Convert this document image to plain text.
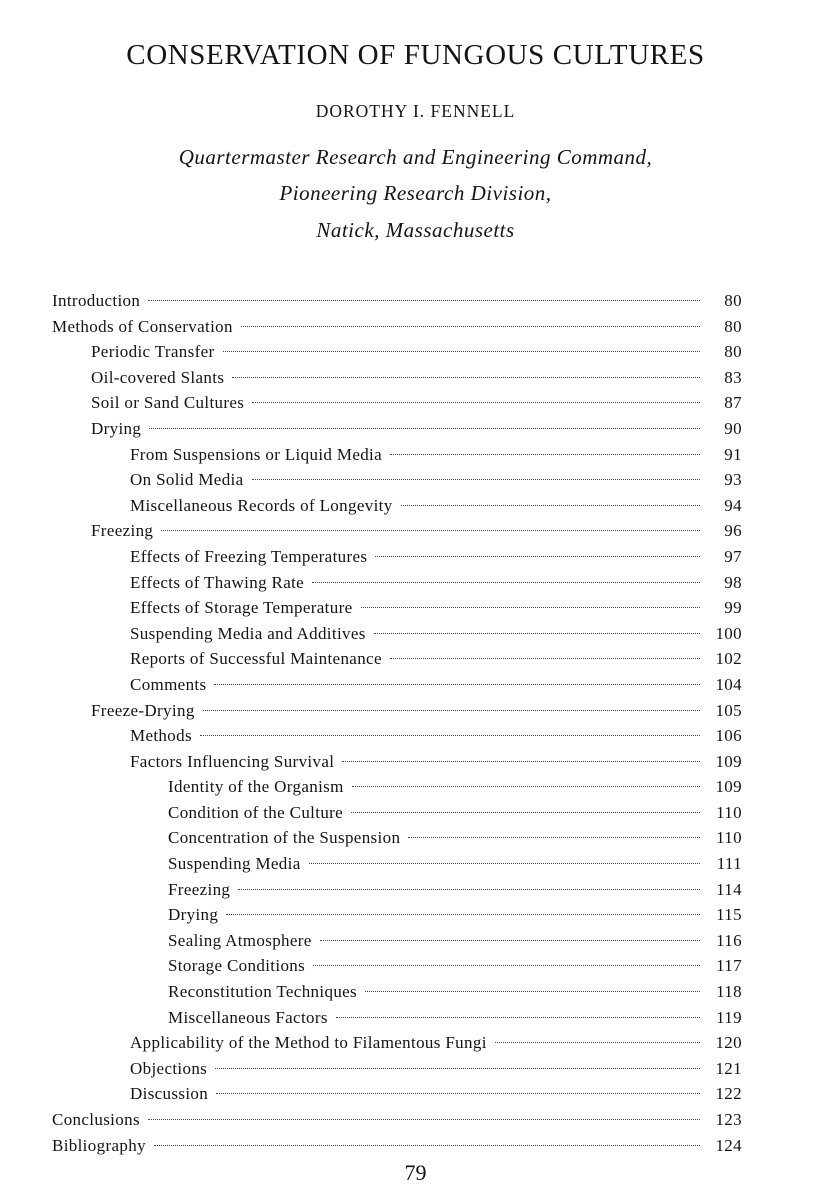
CONSERVATION OF FUNGOUS CULTURES
DOROTHY I. FENNELL
Quartermaster Research and Engineering Command,
Pioneering Research Division,
Natick, Massachusetts
Introduction	80
Methods of Conservation	80
Periodic Transfer	80
Oil-covered Slants	83
Soil or Sand Cultures	87
Drying	90
From Suspensions or Liquid Media	91
On Solid Media	93
Miscellaneous Records of Longevity	94
Freezing	96
Effects of Freezing Temperatures	97
Effects of Thawing Rate	98
Effects of Storage Temperature	99
Suspending Media and Additives	100
Reports of Successful Maintenance	102
Comments	104
Freeze-Drying	105
Methods	106
Factors Influencing Survival	109
Identity of the Organism	109
Condition of the Culture	110
Concentration of the Suspension	110
Suspending Media	111
Freezing	114
Drying	115
Sealing Atmosphere	116
Storage Conditions	117
Reconstitution Techniques	118
Miscellaneous Factors	119
Applicability of the Method to Filamentous Fungi	120
Objections	121
Discussion	122
Conclusions	123
Bibliography	124
79
